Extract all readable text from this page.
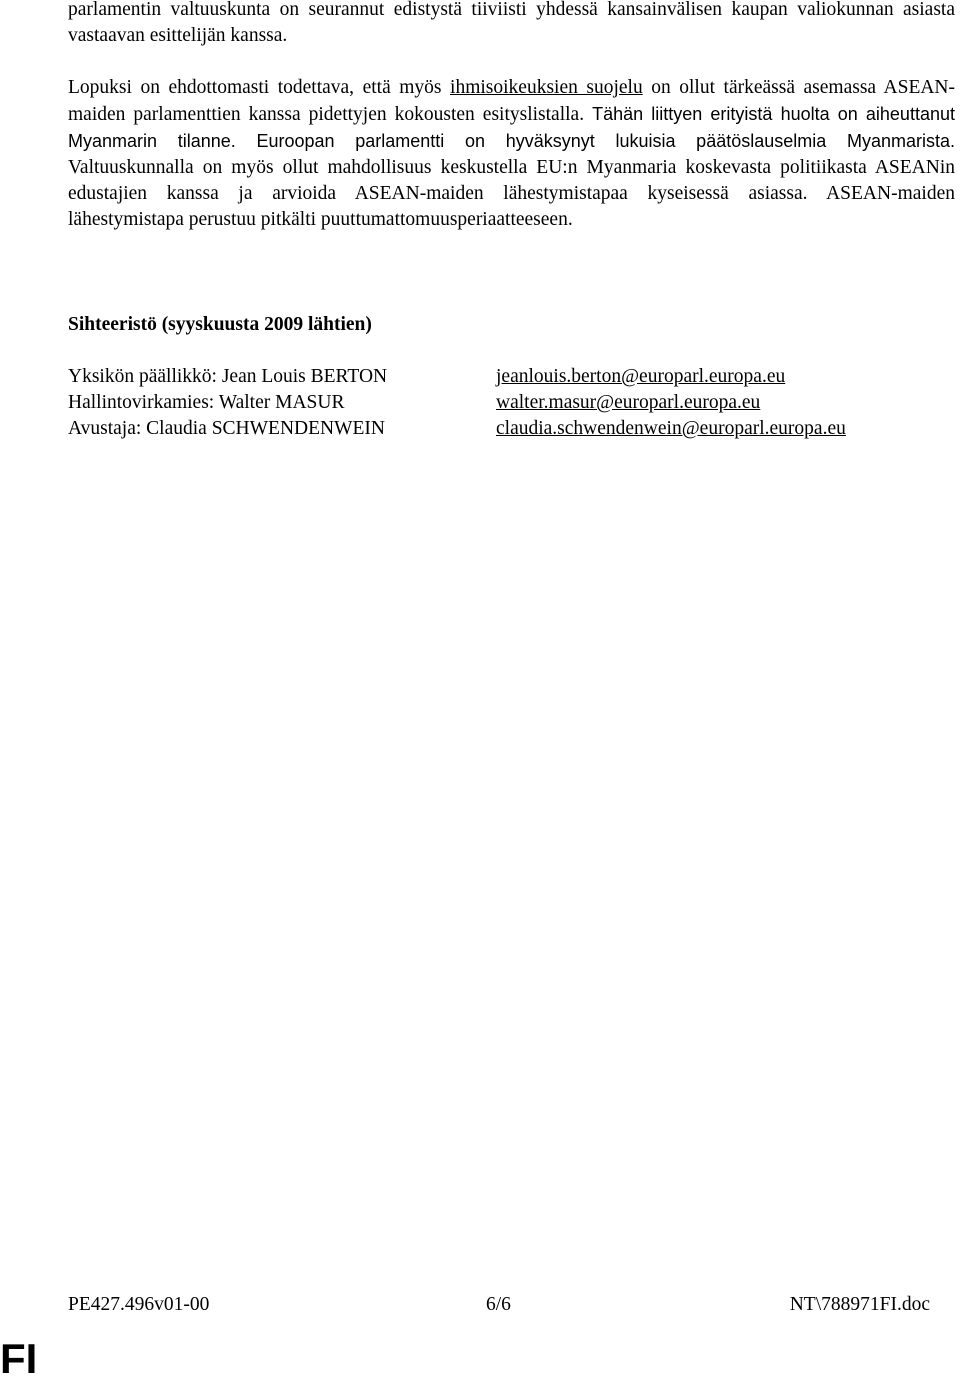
parlamentin valtuuskunta on seurannut edistystä tiiviisti yhdessä kansainvälisen kaupan valiokunnan asiasta vastaavan esittelijän kanssa.

Lopuksi on ehdottomasti todettava, että myös ihmisoikeuksien suojelu on ollut tärkeässä asemassa ASEAN-maiden parlamenttien kanssa pidettyjen kokousten esityslistalla. Tähän liittyen erityistä huolta on aiheuttanut Myanmarin tilanne. Euroopan parlamentti on hyväksynyt lukuisia päätöslauselmia Myanmarista. Valtuuskunnalla on myös ollut mahdollisuus keskustella EU:n Myanmaria koskevasta politiikasta ASEANin edustajien kanssa ja arvioida ASEAN-maiden lähestymistapaa kyseisessä asiassa. ASEAN-maiden lähestymistapa perustuu pitkälti puuttumattomuusperiaatteeseen.

Sihteeristö (syyskuusta 2009 lähtien)
Yksikön päällikkö: Jean Louis BERTON	jeanlouis.berton@europarl.europa.eu
Hallintovirkamies: Walter MASUR	walter.masur@europarl.europa.eu
Avustaja: Claudia SCHWENDENWEIN	claudia.schwendenwein@europarl.europa.eu
PE427.496v01-00	6/6	NT\788971FI.doc
FI
